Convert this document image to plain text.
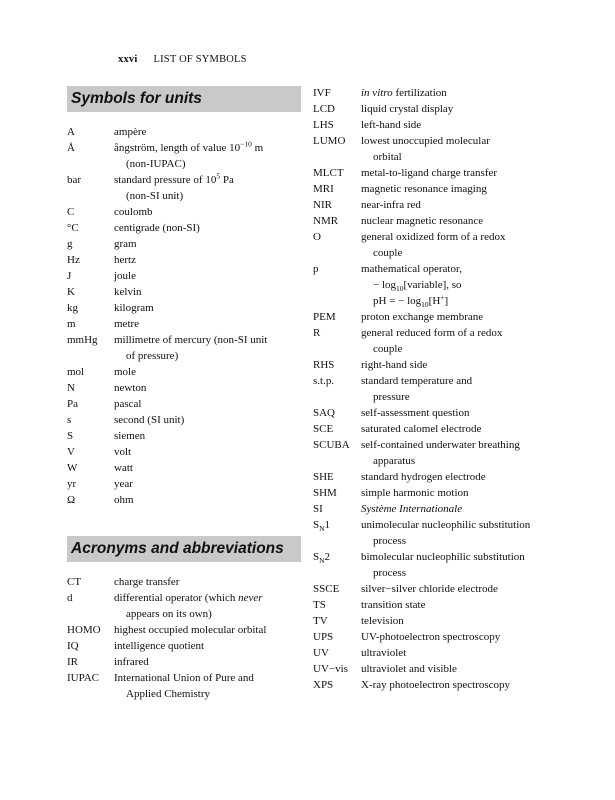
xxvi LIST OF SYMBOLS
Symbols for units
A	ampère
Å	ångström, length of value $10^{-10}$ m
(non-IUPAC)
bar	standard pressure of $10^5$ Pa
(non-SI unit)
C	coulomb
°C	centigrade (non-SI)
g	gram
Hz	hertz
J	joule
K	kelvin
kg	kilogram
m	metre
mmHg millimetre of mercury (non-SI unit
of pressure)
mol	mole
N	newton
Pa	pascal
s	second (SI unit)
S	siemen
V	volt
W	watt
yr	year
Ω	ohm
Acronyms and abbreviations
CT	charge transfer
d	differential operator (which never
appears on its own)
HOMO highest occupied molecular orbital
IQ	intelligence quotient
IR	infrared
IUPAC International Union of Pure and
Applied Chemistry
IVF	in vitro fertilization
LCD liquid crystal display
LHS left-hand side
LUMO lowest unoccupied molecular
orbital
MLCT metal-to-ligand charge transfer
MRI magnetic resonance imaging
NIR	near-infra red
NMR nuclear magnetic resonance
O	general oxidized form of a redox
couple
p	mathematical operator,
− $\log_{10}[variable]$, so
pH = − $\log_{10}[H^+]$
PEM proton exchange membrane
R	general reduced form of a redox
couple
RHS right-hand side
s.t.p. standard temperature and
pressure
SAQ self-assessment question
SCE	saturated calomel electrode
SCUBA self-contained underwater breathing
apparatus
SHE standard hydrogen electrode
SHM simple harmonic motion
SI	Système Internationale
$S_N1$	unimolecular nucleophilic substitution
process
$S_N2$	bimolecular nucleophilic substitution
process
SSCE silver−silver chloride electrode
TS	transition state
TV	television
UPS	UV-photoelectron spectroscopy
UV	ultraviolet
UV−vis ultraviolet and visible
XPS	X-ray photoelectron spectroscopy
